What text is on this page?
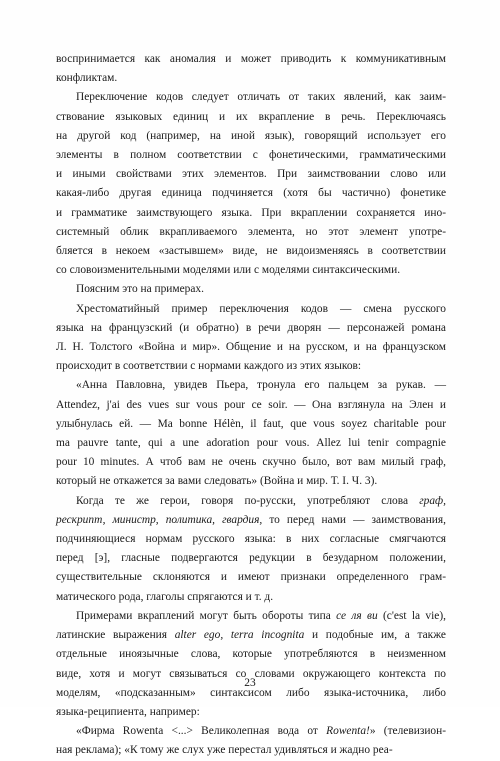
воспринимается как аномалия и может приводить к коммуникативным
конфликтам.
Переключение кодов следует отличать от таких явлений, как заим-
ствование языковых единиц и их вкрапление в речь. Переключаясь
на другой код (например, на иной язык), говорящий использует его
элементы в полном соответствии с фонетическими, грамматическими
и иными свойствами этих элементов. При заимствовании слово или
какая-либо другая единица подчиняется (хотя бы частично) фонетике
и грамматике заимствующего языка. При вкраплении сохраняется ино-
системный облик вкрапливаемого элемента, но этот элемент употре-
бляется в некоем «застывшем» виде, не видоизменяясь в соответствии
со словоизменительными моделями или с моделями синтаксическими.
Поясним это на примерах.
Хрестоматийный пример переключения кодов — смена русского
языка на французский (и обратно) в речи дворян — персонажей романа
Л. Н. Толстого «Война и мир». Общение и на русском, и на французском
происходит в соответствии с нормами каждого из этих языков:
«Анна Павловна, увидев Пьера, тронула его пальцем за рукав. —
Attendez, j'ai des vues sur vous pour ce soir. — Она взглянула на Элен и
улыбнулась ей. — Ma bonne Hélèn, il faut, que vous soyez charitable pour
ma pauvre tante, qui a une adoration pour vous. Allez lui tenir compagnie
pour 10 minutes. А чтоб вам не очень скучно было, вот вам милый граф,
который не откажется за вами следовать» (Война и мир. Т. I. Ч. 3).
Когда те же герои, говоря по-русски, употребляют слова граф,
рескрипт, министр, политика, гвардия, то перед нами — заимствования,
подчиняющиеся нормам русского языка: в них согласные смягчаются
перед [э], гласные подвергаются редукции в безударном положении,
существительные склоняются и имеют признаки определенного грам-
матического рода, глаголы спрягаются и т. д.
Примерами вкраплений могут быть обороты типа се ля ви (c'est la vie),
латинские выражения alter ego, terra incognita и подобные им, а также
отдельные иноязычные слова, которые употребляются в неизменном
виде, хотя и могут связываться со словами окружающего контекста по
моделям, «подсказанным» синтаксисом либо языка-источника, либо
языка-реципиента, например:
«Фирма Rowenta <...> Великолепная вода от Rowenta!» (телевизион-
ная реклама); «К тому же слух уже перестал удивляться и жадно реа-
23
